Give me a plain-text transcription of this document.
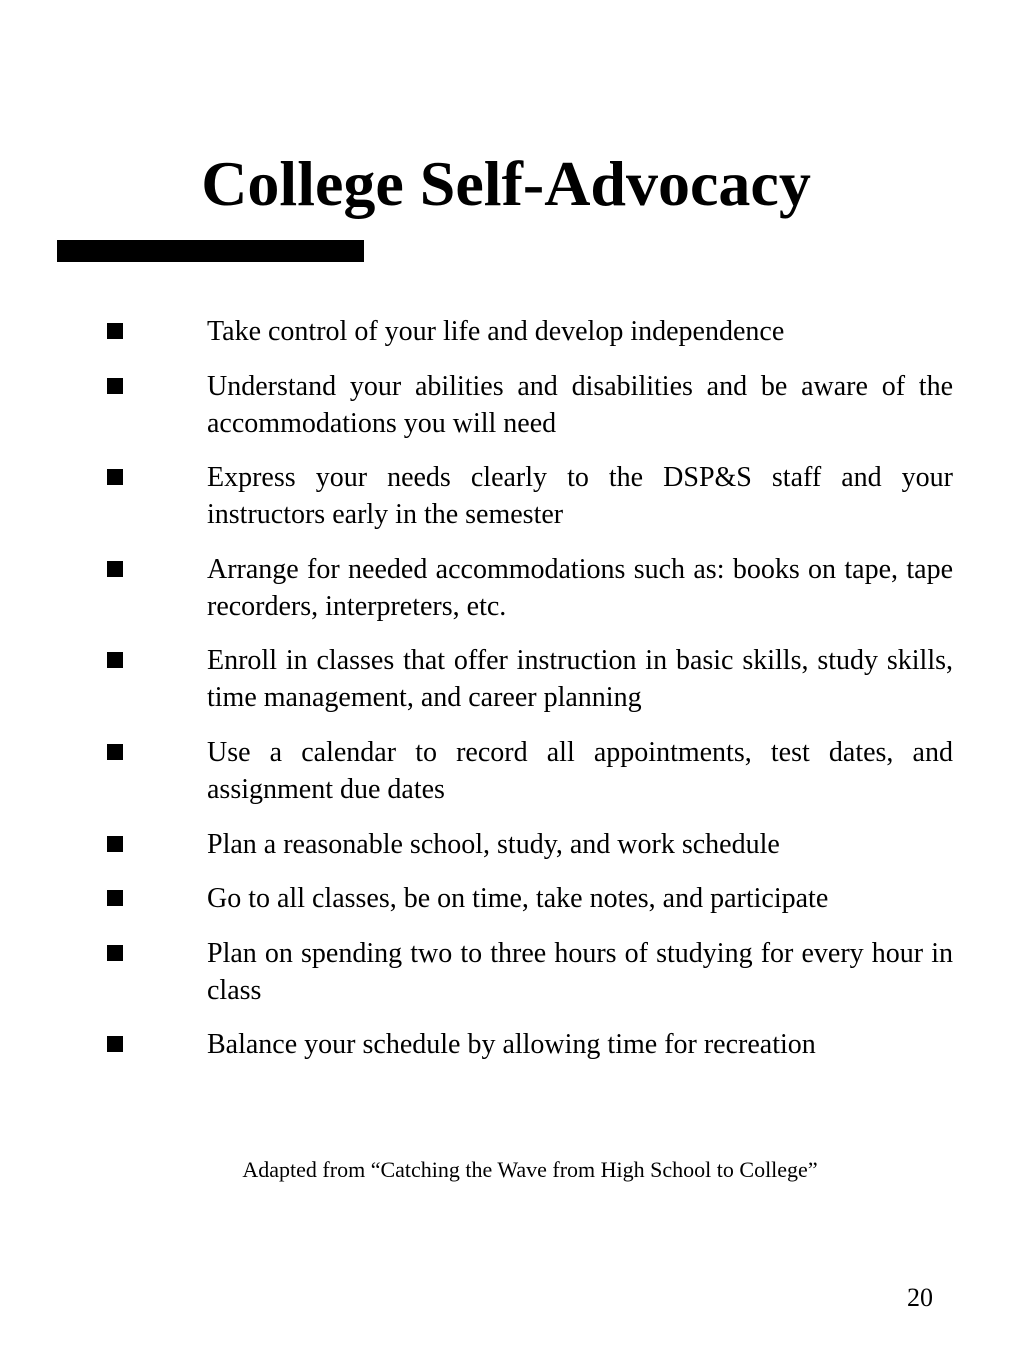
College Self-Advocacy
Take control of your life and develop independence
Understand your abilities and disabilities and be aware of the accommodations you will need
Express your needs clearly to the DSP&S staff and your instructors early in the semester
Arrange for needed accommodations such as: books on tape, tape recorders, interpreters, etc.
Enroll in classes that offer instruction in basic skills, study skills, time management, and career planning
Use a calendar to record all appointments, test dates, and assignment due dates
Plan a reasonable school, study, and work schedule
Go to all classes, be on time, take notes, and participate
Plan on spending two to three hours of studying for every hour in class
Balance your schedule by allowing time for recreation
Adapted from “Catching the Wave from High School to College”
20
